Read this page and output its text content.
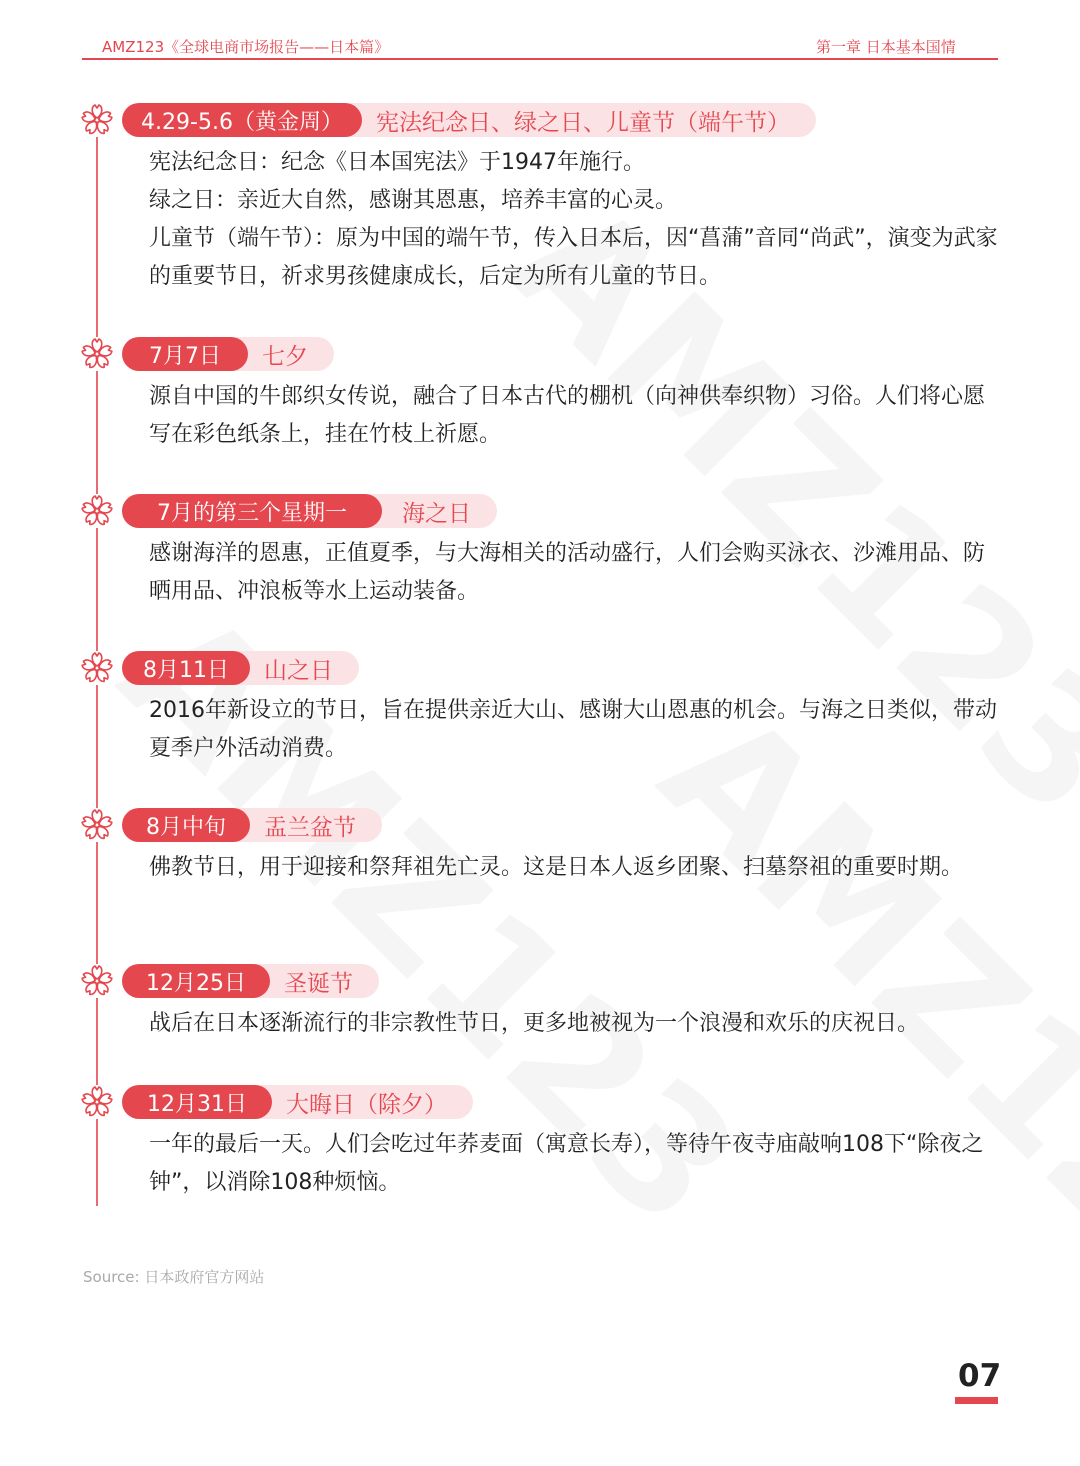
AMZ123《全球电商市场报告——日本篇》	第一章 日本基本国情
4.29-5.6（黄金周）	宪法纪念日、绿之日、儿童节（端午节）

宪法纪念日：纪念《日本国宪法》于1947年施行。

绿之日：亲近大自然，感谢其恩惠，培养丰富的心灵。

儿童节（端午节）：原为中国的端午节，传入日本后，因“菖蒲”音同“尚武”，演变为武家的重要节日，祈求男孩健康成长，后定为所有儿童的节日。

7月7日	七夕

源自中国的牛郎织女传说，融合了日本古代的棚机（向神供奉织物）习俗。人们将心愿写在彩色纸条上，挂在竹枝上祈愿。

7月的第三个星期一	海之日

感谢海洋的恩惠，正值夏季，与大海相关的活动盛行，人们会购买泳衣、沙滩用品、防晒用品、冲浪板等水上运动装备。

8月11日	山之日

2016年新设立的节日，旨在提供亲近大山、感谢大山恩惠的机会。与海之日类似，带动夏季户外活动消费。

8月中旬	盂兰盆节

佛教节日，用于迎接和祭拜祖先亡灵。这是日本人返乡团聚、扫墓祭祖的重要时期。

12月25日	圣诞节

战后在日本逐渐流行的非宗教性节日，更多地被视为一个浪漫和欢乐的庆祝日。

12月31日	大晦日（除夕）

一年的最后一天。人们会吃过年荞麦面（寓意长寿），等待午夜寺庙敲响108下“除夜之钟”，以消除108种烦恼。

Source: 日本政府官方网站
07
